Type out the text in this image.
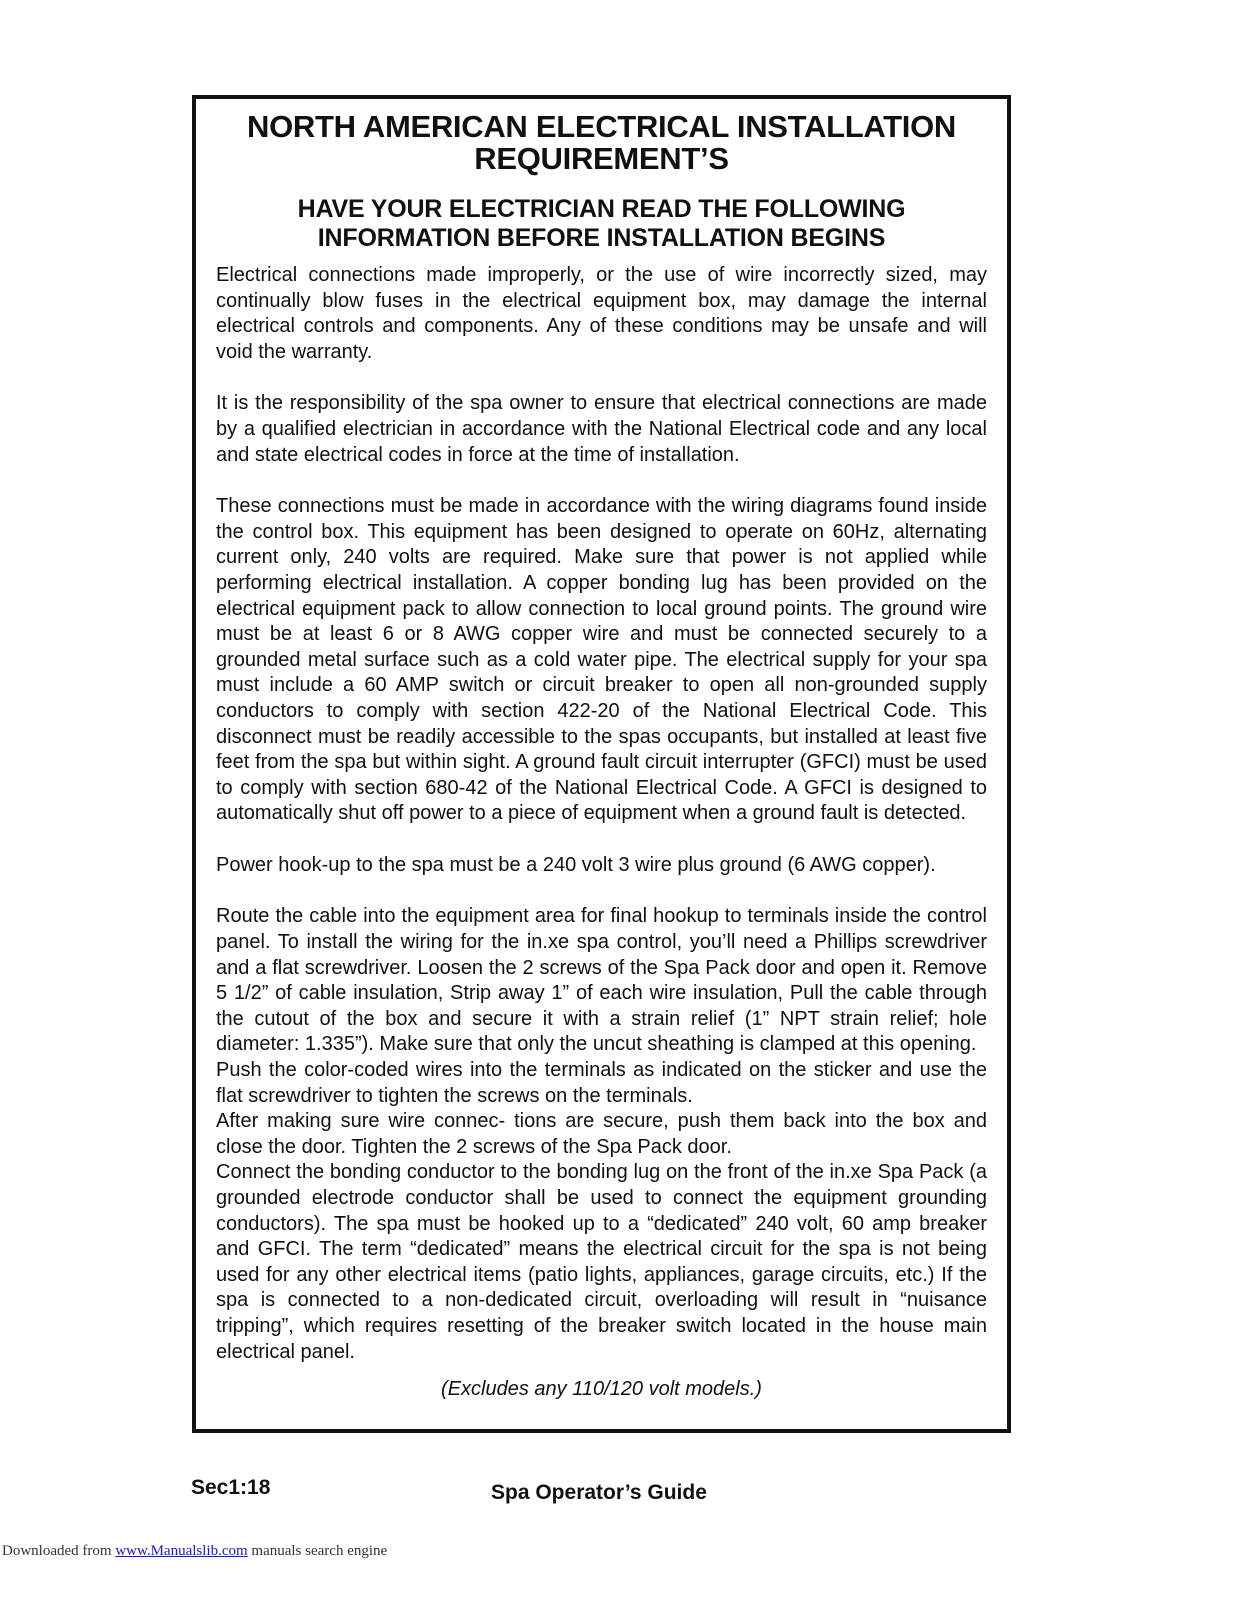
NORTH AMERICAN ELECTRICAL INSTALLATION
REQUIREMENT’S
HAVE YOUR ELECTRICIAN READ THE FOLLOWING
INFORMATION BEFORE INSTALLATION BEGINS

Electrical connections made improperly, or the use of wire incorrectly sized, may continually blow fuses in the electrical equipment box, may damage the internal electrical controls and components. Any of these conditions may be unsafe and will void the warranty.

It is the responsibility of the spa owner to ensure that electrical connections are made by a qualified electrician in accordance with the National Electrical code and any local and state electrical codes in force at the time of installation.

These connections must be made in accordance with the wiring diagrams found inside the control box. This equipment has been designed to operate on 60Hz, alternating current only, 240 volts are required. Make sure that power is not applied while performing electrical installation. A copper bonding lug has been provided on the electrical equipment pack to allow connection to local ground points. The ground wire must be at least 6 or 8 AWG copper wire and must be connected securely to a grounded metal surface such as a cold water pipe. The electrical supply for your spa must include a 60 AMP switch or circuit breaker to open all non-grounded supply conductors to comply with section 422-20 of the National Electrical Code. This disconnect must be readily accessible to the spas occupants, but installed at least five feet from the spa but within sight. A ground fault circuit interrupter (GFCI) must be used to comply with section 680-42 of the National Electrical Code. A GFCI is designed to automatically shut off power to a piece of equipment when a ground fault is detected.

Power hook-up to the spa must be a 240 volt 3 wire plus ground (6 AWG copper).

Route the cable into the equipment area for final hookup to terminals inside the control panel. To install the wiring for the in.xe spa control, you’ll need a Phillips screwdriver and a flat screwdriver. Loosen the 2 screws of the Spa Pack door and open it. Remove 5 1/2” of cable insulation, Strip away 1” of each wire insulation, Pull the cable through the cutout of the box and secure it with a strain relief (1” NPT strain relief; hole diameter: 1.335”). Make sure that only the uncut sheathing is clamped at this opening.

Push the color-coded wires into the terminals as indicated on the sticker and use the flat screwdriver to tighten the screws on the terminals.

After making sure wire connec- tions are secure, push them back into the box and close the door. Tighten the 2 screws of the Spa Pack door.

Connect the bonding conductor to the bonding lug on the front of the in.xe Spa Pack (a grounded electrode conductor shall be used to connect the equipment grounding conductors). The spa must be hooked up to a “dedicated” 240 volt, 60 amp breaker and GFCI. The term “dedicated” means the electrical circuit for the spa is not being used for any other electrical items (patio lights, appliances, garage circuits, etc.) If the spa is connected to a non-dedicated circuit, overloading will result in “nuisance tripping”, which requires resetting of the breaker switch located in the house main electrical panel.

(Excludes any 110/120 volt models.)
Sec1:18	Spa Operator’s Guide
Downloaded from www.Manualslib.com manuals search engine
